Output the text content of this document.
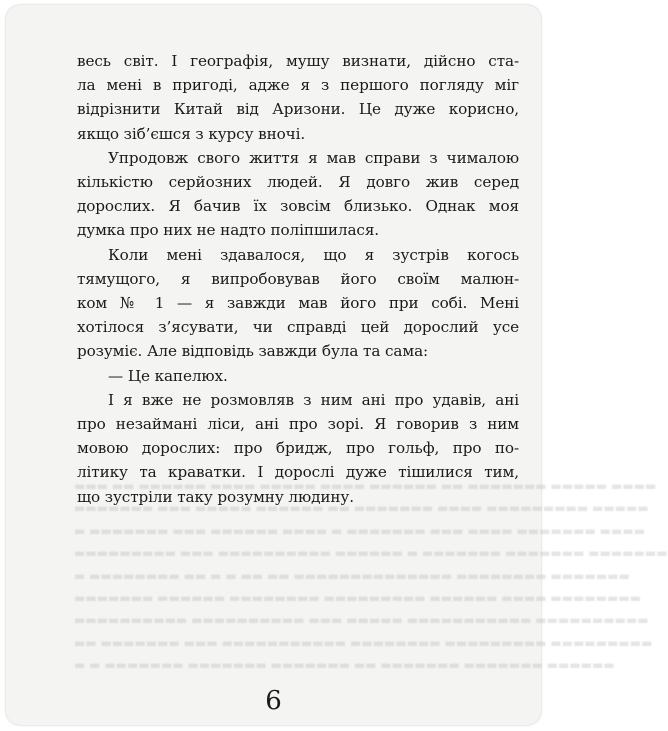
▬▬▬ ▬▬ ▬▬▬▬▬▬ ▬▬▬▬ ▬▬▬▬▬ ▬▬▬▬ ▬▬▬▬▬▬ ▬▬ ▬▬▬▬▬▬▬ ▬▬▬▬▬ ▬▬▬▬
▬▬▬▬▬▬▬ ▬▬▬ ▬▬▬▬▬ ▬▬▬▬▬▬ ▬▬ ▬▬▬▬▬▬▬ ▬▬▬▬ ▬▬▬▬▬▬▬▬▬ ▬▬▬▬▬
▬ ▬▬▬▬▬▬▬ ▬▬▬ ▬▬▬▬▬▬ ▬▬▬▬ ▬ ▬▬▬▬▬▬▬ ▬▬▬ ▬▬▬▬ ▬▬▬▬▬▬▬ ▬▬▬▬
▬▬▬▬▬▬▬▬▬ ▬▬▬ ▬▬▬▬▬▬▬▬▬▬ ▬▬▬▬▬▬ ▬ ▬▬▬▬▬▬▬ ▬▬▬▬▬▬▬ ▬▬▬▬▬▬▬
▬ ▬▬▬▬▬▬▬▬ ▬▬ ▬ ▬ ▬▬ ▬▬ ▬▬▬▬▬▬▬▬▬▬▬▬▬▬ ▬▬▬▬▬▬▬▬ ▬▬▬▬▬▬▬
▬▬▬▬▬▬▬ ▬▬▬▬▬▬ ▬▬▬▬▬▬▬▬ ▬▬▬▬▬▬▬▬▬ ▬▬▬▬▬▬ ▬▬▬▬ ▬▬▬▬▬▬▬▬
▬▬▬▬▬▬▬▬▬▬ ▬▬▬▬▬▬▬▬▬▬ ▬▬▬ ▬▬▬▬▬ ▬▬▬▬▬▬▬▬▬▬▬ ▬▬▬▬▬▬▬▬▬▬
▬▬ ▬▬▬▬▬▬▬ ▬▬▬ ▬▬▬▬▬▬▬▬▬▬▬ ▬▬▬▬▬▬▬▬ ▬▬▬▬▬▬▬▬▬ ▬▬▬▬▬▬▬▬▬
▬ ▬ ▬▬▬▬▬▬▬ ▬▬▬▬▬▬▬ ▬▬▬▬▬▬▬ ▬▬ ▬▬▬▬▬▬▬ ▬▬▬▬▬▬▬ ▬▬▬▬▬▬

весь світ. І географія, мушу визнати, дійсно ста-
ла мені в пригоді, адже я з першого погляду міг
відрізнити Китай від Аризони. Це дуже корисно,
якщо зіб’єшся з курсу вночі.

Упродовж свого життя я мав справи з чималою
кількістю серйозних людей. Я довго жив серед
дорослих. Я бачив їх зовсім близько. Однак моя
думка про них не надто поліпшилася.

Коли мені здавалося, що я зустрів когось
тямущого, я випробовував його своїм малюн-
ком № 1 — я завжди мав його при собі. Мені
хотілося з’ясувати, чи справді цей дорослий усе
розуміє. Але відповідь завжди була та сама:

— Це капелюх.

І я вже не розмовляв з ним ані про удавів, ані
про незаймані ліси, ані про зорі. Я говорив з ним
мовою дорослих: про бридж, про гольф, про по-
літику та краватки. І дорослі дуже тішилися тим,
що зустріли таку розумну людину.

6
